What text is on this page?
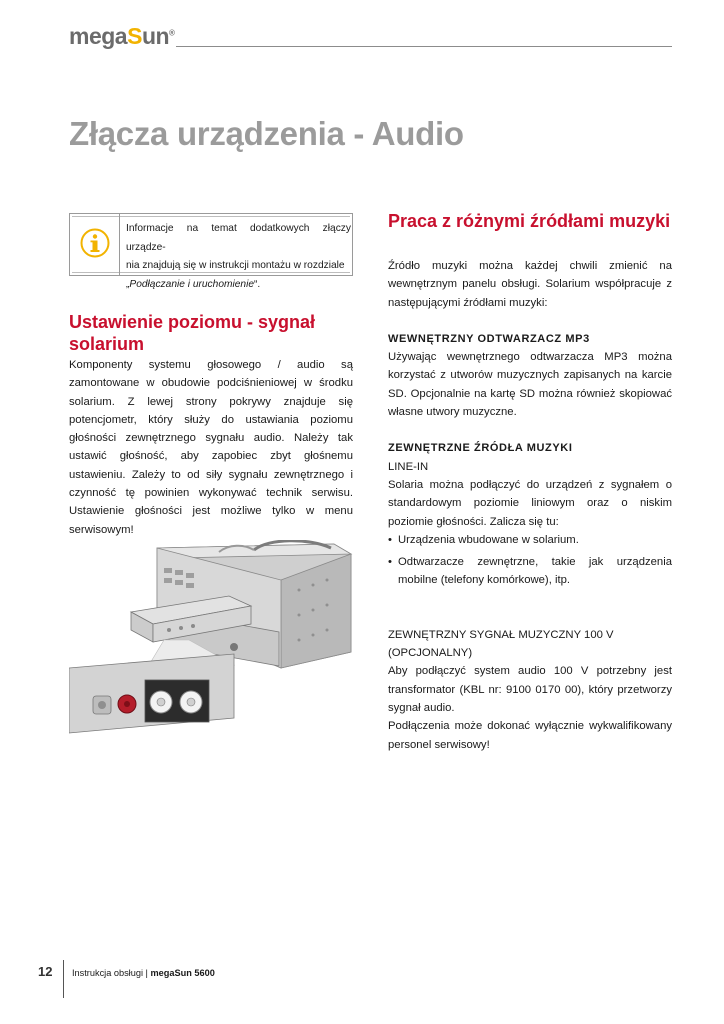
megaSun®
Złącza urządzenia - Audio
Informacje na temat dodatkowych złączy urządze-
nia znajdują się w instrukcji montażu w rozdziale
„Podłączanie i uruchomienie“.
Ustawienie poziomu - sygnał solarium
Komponenty systemu głosowego / audio są zamontowane w obudowie podciśnieniowej w środku solarium. Z lewej strony pokrywy znajduje się potencjometr, który służy do ustawiania poziomu głośności zewnętrznego sygnału audio. Należy tak ustawić głośność, aby zapobiec zbyt głośnemu ustawieniu. Zależy to od siły sygnału zewnętrznego i czynność tę powinien wykonywać technik serwisu. Ustawienie głośności jest możliwe tylko w menu serwisowym!
Praca z różnymi źródłami muzyki

Źródło muzyki można każdej chwili zmienić na wewnętrznym panelu obsługi. Solarium współpracuje z następującymi źródłami muzyki:

WEWNĘTRZNY ODTWARZACZ MP3

Używając wewnętrznego odtwarzacza MP3 można korzystać z utworów muzycznych zapisanych na karcie SD. Opcjonalnie na kartę SD można również skopiować własne utwory muzyczne.

ZEWNĘTRZNE ŹRÓDŁA MUZYKI

LINE-IN

Solaria można podłączyć do urządzeń z sygnałem o standardowym poziomie liniowym oraz o niskim poziomie głośności. Zalicza się tu:

• Urządzenia wbudowane w solarium.

• Odtwarzacze zewnętrzne, takie jak urządzenia mobilne (telefony komórkowe), itp.

ZEWNĘTRZNY SYGNAŁ MUZYCZNY 100 V

(OPCJONALNY)

Aby podłączyć system audio 100 V potrzebny jest transformator (KBL nr: 9100 0170 00), który przetworzy sygnał audio.

Podłączenia może dokonać wyłącznie wykwalifikowany personel serwisowy!

12 Instrukcja obsługi | megaSun 5600
